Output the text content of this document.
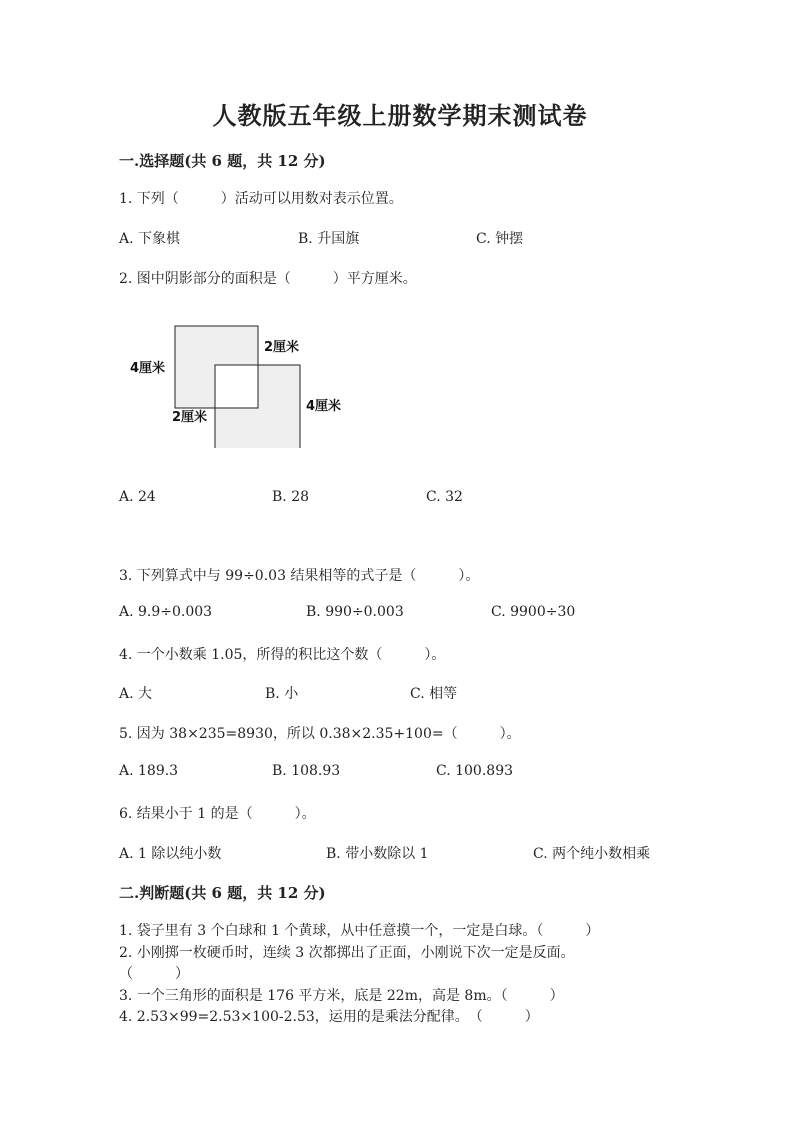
人教版五年级上册数学期末测试卷
一.选择题(共 6 题，共 12 分)
1. 下列（　　　）活动可以用数对表示位置。
A. 下象棋	B. 升国旗	C. 钟摆
2. 图中阴影部分的面积是（　　　）平方厘米。
4厘米
2厘米
2厘米
4厘米
A. 24	B. 28	C. 32
3. 下列算式中与 99÷0.03 结果相等的式子是（　　　）。
A. 9.9÷0.003	B. 990÷0.003	C. 9900÷30
4. 一个小数乘 1.05，所得的积比这个数（　　　）。
A. 大	B. 小	C. 相等
5. 因为 38×235=8930，所以 0.38×2.35+100=（　　　）。
A. 189.3	B. 108.93	C. 100.893
6. 结果小于 1 的是（　　　）。
A. 1 除以纯小数	B. 带小数除以 1	C. 两个纯小数相乘
二.判断题(共 6 题，共 12 分)
1. 袋子里有 3 个白球和 1 个黄球，从中任意摸一个，一定是白球。（　　　）
2. 小刚掷一枚硬币时，连续 3 次都掷出了正面，小刚说下次一定是反面。
（　　　）
3. 一个三角形的面积是 176 平方米，底是 22m，高是 8m。（　　　）
4. 2.53×99=2.53×100-2.53，运用的是乘法分配律。　（　　　）
